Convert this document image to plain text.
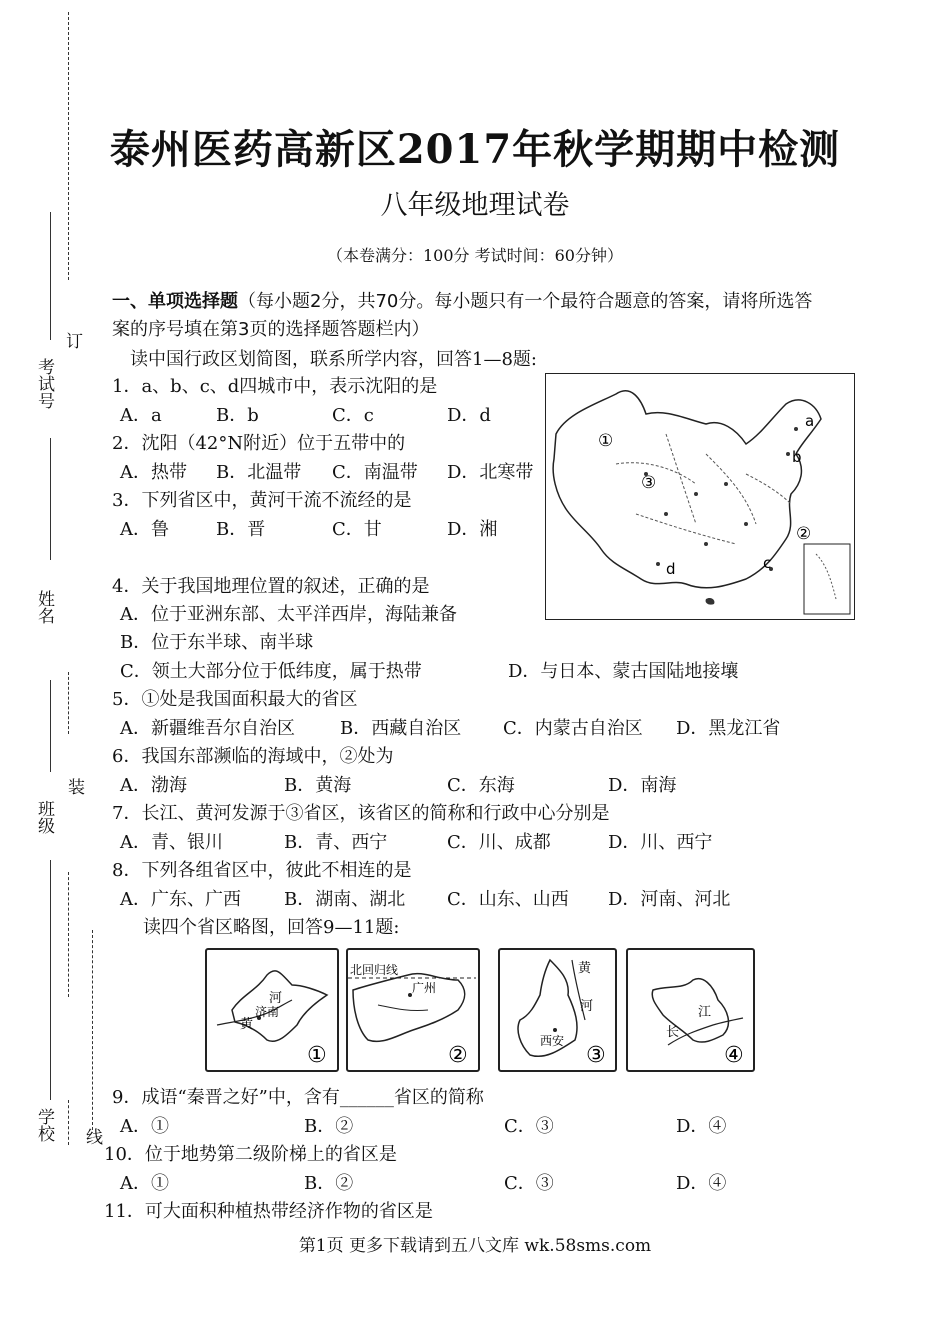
考试号
订
姓名
装
班级
学校 线
泰州医药高新区2017年秋学期期中检测
八年级地理试卷
（本卷满分：100分 考试时间：60分钟）
一、单项选择题（每小题2分，共70分。每小题只有一个最符合题意的答案，请将所选答
案的序号填在第3页的选择题答题栏内）
读中国行政区划简图，联系所学内容，回答1—8题:
1．a、b、c、d四城市中，表示沈阳的是
A．a	B．b	C．c	D．d
2．沈阳（42°N附近）位于五带中的
A．热带 B．北温带 C．南温带 D．北寒带
3．下列省区中，黄河干流不流经的是
A．鲁	B．晋	C．甘	D．湘
4．关于我国地理位置的叙述，正确的是
A．位于亚洲东部、太平洋西岸，海陆兼备
B．位于东半球、南半球
C．领土大部分位于低纬度，属于热带	D．与日本、蒙古国陆地接壤
5．①处是我国面积最大的省区
A．新疆维吾尔自治区	B．西藏自治区 C．内蒙古自治区 D．黑龙江省
6．我国东部濒临的海域中，②处为
A．渤海	B．黄海	C．东海	D．南海
7．长江、黄河发源于③省区，该省区的简称和行政中心分别是
A．青、银川	B．青、西宁	C．川、成都	D．川、西宁
8．下列各组省区中，彼此不相连的是
A．广东、广西 B．湖南、湖北 C．山东、山西 D．河南、河北
读四个省区略图，回答9—11题:
①
②
③
a
b
c
d
河
黄
济南
①
北回归线
广州
②
黄
河
西安
③
江
长
④
9．成语“秦晋之好”中，含有______省区的简称
A．①	B．②	C．③	D．④
10．位于地势第二级阶梯上的省区是
A．①	B．②	C．③	D．④
11．可大面积种植热带经济作物的省区是
第1页 更多下载请到五八文库 wk.58sms.com
